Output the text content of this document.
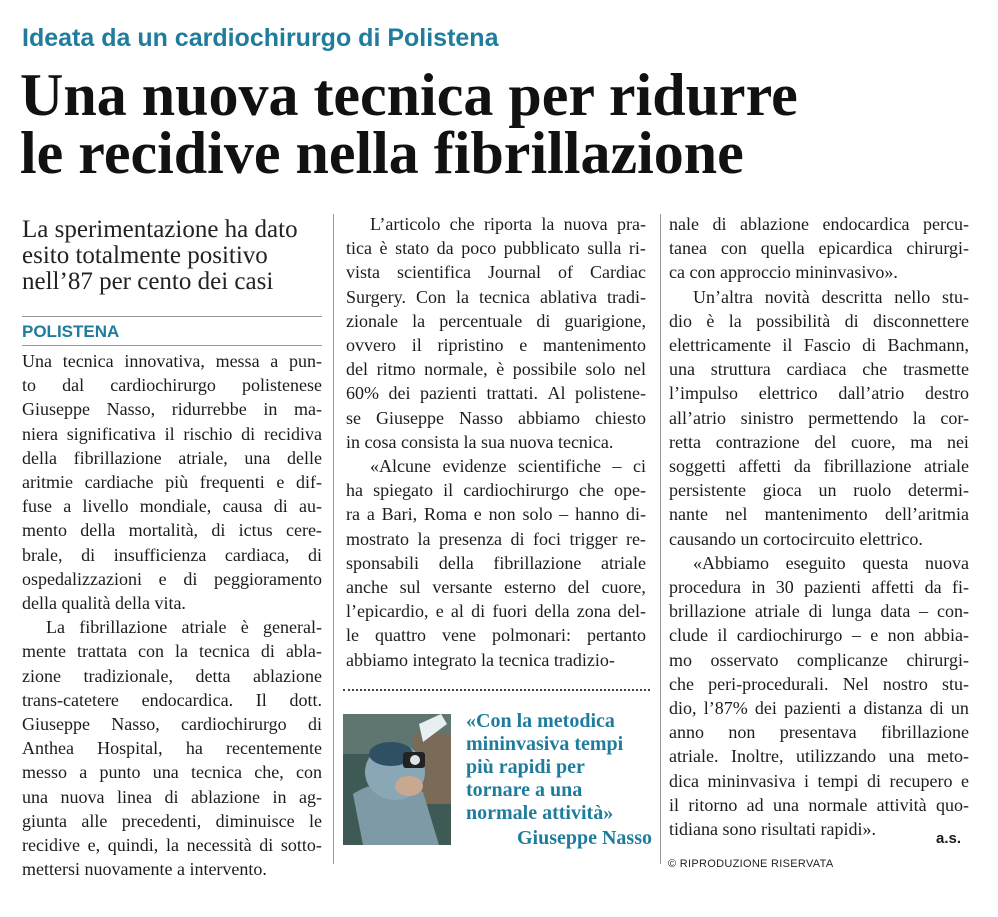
Ideata da un cardiochirurgo di Polistena
Una nuova tecnica per ridurre
le recidive nella fibrillazione
La sperimentazione ha dato
esito totalmente positivo
nell’87 per cento dei casi
POLISTENA
Una tecnica innovativa, messa a pun-
to dal cardiochirurgo polistenese
Giuseppe Nasso, ridurrebbe in ma-
niera significativa il rischio di recidiva
della fibrillazione atriale, una delle
aritmie cardiache più frequenti e dif-
fuse a livello mondiale, causa di au-
mento della mortalità, di ictus cere-
brale, di insufficienza cardiaca, di
ospedalizzazioni e di peggioramento
della qualità della vita.
La fibrillazione atriale è general-
mente trattata con la tecnica di abla-
zione tradizionale, detta ablazione
trans-catetere endocardica. Il dott.
Giuseppe Nasso, cardiochirurgo di
Anthea Hospital, ha recentemente
messo a punto una tecnica che, con
una nuova linea di ablazione in ag-
giunta alle precedenti, diminuisce le
recidive e, quindi, la necessità di sotto-
mettersi nuovamente a intervento.
L’articolo che riporta la nuova pra-
tica è stato da poco pubblicato sulla ri-
vista scientifica Journal of Cardiac
Surgery. Con la tecnica ablativa tradi-
zionale la percentuale di guarigione,
ovvero il ripristino e mantenimento
del ritmo normale, è possibile solo nel
60% dei pazienti trattati. Al polistene-
se Giuseppe Nasso abbiamo chiesto
in cosa consista la sua nuova tecnica.
«Alcune evidenze scientifiche – ci
ha spiegato il cardiochirurgo che ope-
ra a Bari, Roma e non solo – hanno di-
mostrato la presenza di foci trigger re-
sponsabili della fibrillazione atriale
anche sul versante esterno del cuore,
l’epicardio, e al di fuori della zona del-
le quattro vene polmonari: pertanto
abbiamo integrato la tecnica tradizio-
nale di ablazione endocardica percu-
tanea con quella epicardica chirurgi-
ca con approccio mininvasivo».
Un’altra novità descritta nello stu-
dio è la possibilità di disconnettere
elettricamente il Fascio di Bachmann,
una struttura cardiaca che trasmette
l’impulso elettrico dall’atrio destro
all’atrio sinistro permettendo la cor-
retta contrazione del cuore, ma nei
soggetti affetti da fibrillazione atriale
persistente gioca un ruolo determi-
nante nel mantenimento dell’aritmia
causando un cortocircuito elettrico.
«Abbiamo eseguito questa nuova
procedura in 30 pazienti affetti da fi-
brillazione atriale di lunga data – con-
clude il cardiochirurgo – e non abbia-
mo osservato complicanze chirurgi-
che peri-procedurali. Nel nostro stu-
dio, l’87% dei pazienti a distanza di un
anno non presentava fibrillazione
atriale. Inoltre, utilizzando una meto-
dica mininvasiva i tempi di recupero e
il ritorno ad una normale attività quo-
tidiana sono risultati rapidi».
«Con la metodica mininvasiva tempi più rapidi per tornare a una normale attività»
Giuseppe Nasso	a.s.
© RIPRODUZIONE RISERVATA
